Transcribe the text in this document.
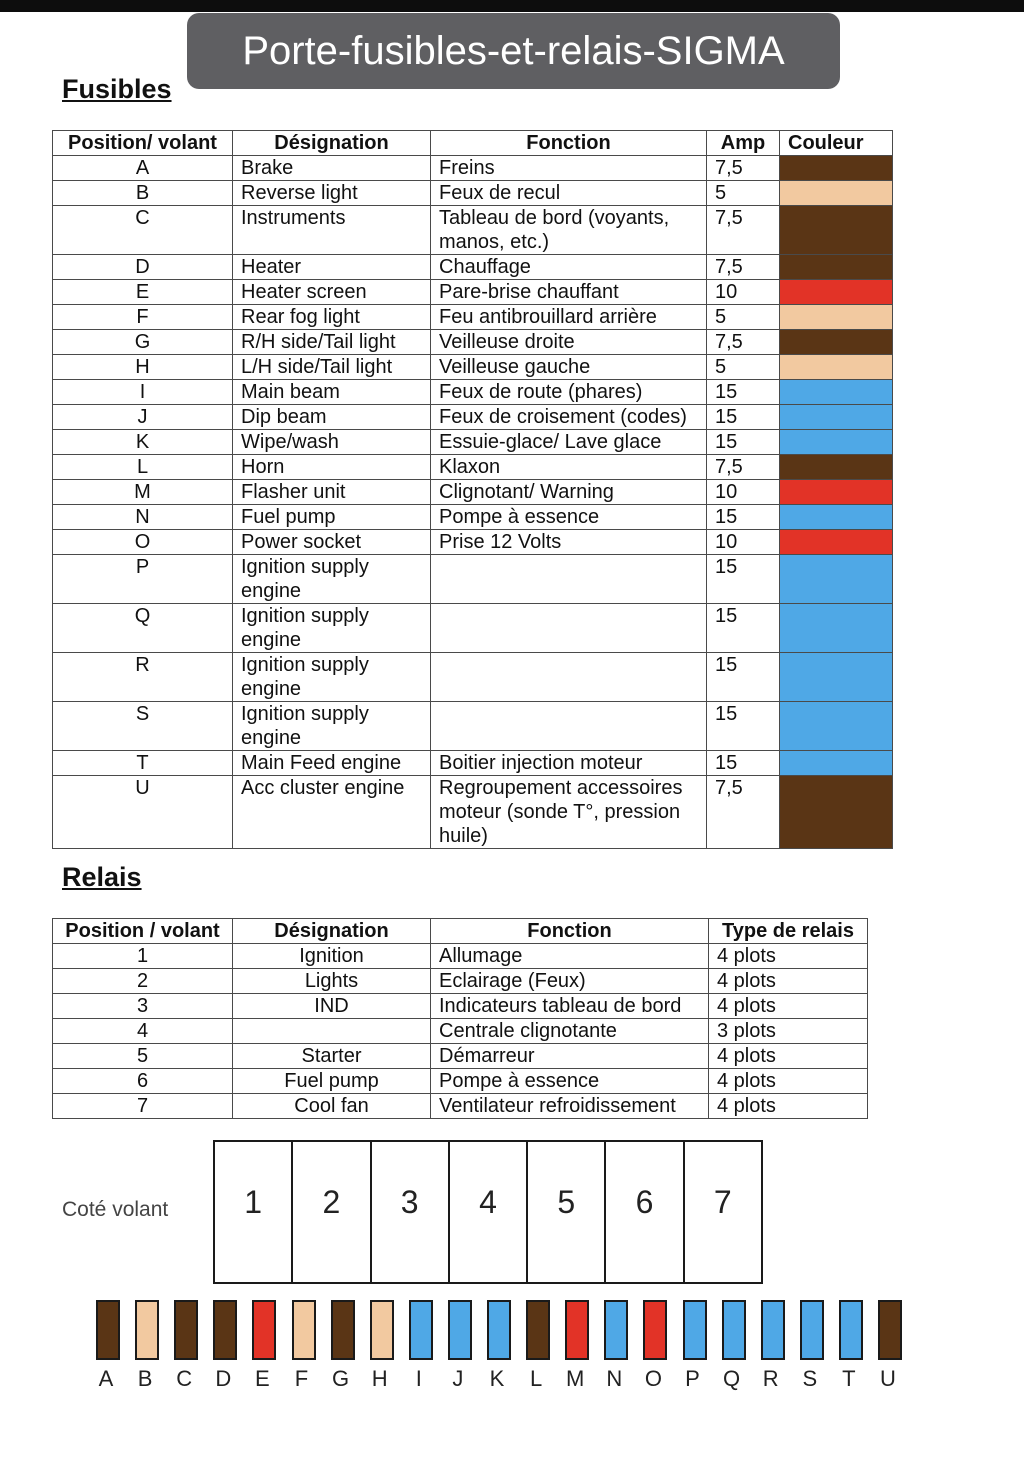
Porte-fusibles-et-relais-SIGMA
Fusibles
Position/ volant	Désignation	Fonction	Amp	Couleur
A	Brake	Freins	7,5	
B	Reverse light	Feux de recul	5	
C	Instruments	Tableau de bord (voyants, manos, etc.)	7,5	
D	Heater	Chauffage	7,5	
E	Heater screen	Pare-brise chauffant	10	
F	Rear fog light	Feu antibrouillard arrière	5	
G	R/H side/Tail light	Veilleuse droite	7,5	
H	L/H side/Tail light	Veilleuse gauche	5	
I	Main beam	Feux de route (phares)	15	
J	Dip beam	Feux de croisement (codes)	15	
K	Wipe/wash	Essuie-glace/ Lave glace	15	
L	Horn	Klaxon	7,5	
M	Flasher unit	Clignotant/ Warning	10	
N	Fuel pump	Pompe à essence	15	
O	Power socket	Prise 12 Volts	10	
P	Ignition supply engine		15	
Q	Ignition supply engine		15	
R	Ignition supply engine		15	
S	Ignition supply engine		15	
T	Main Feed engine	Boitier injection moteur	15	
U	Acc cluster engine	Regroupement accessoires moteur (sonde T°, pression huile)	7,5	
Relais
Position / volant	Désignation	Fonction	Type de relais
1	Ignition	Allumage	4 plots
2	Lights	Eclairage (Feux)	4 plots
3	IND	Indicateurs tableau de bord	4 plots
4		Centrale clignotante	3 plots
5	Starter	Démarreur	4 plots
6	Fuel pump	Pompe à essence	4 plots
7	Cool fan	Ventilateur refroidissement	4 plots
Coté volant	1	2	3	4	5	6	7
A	B	C	D	E	F	G	H	I	J	K	L	M	N	O	P	Q	R	S	T	U
